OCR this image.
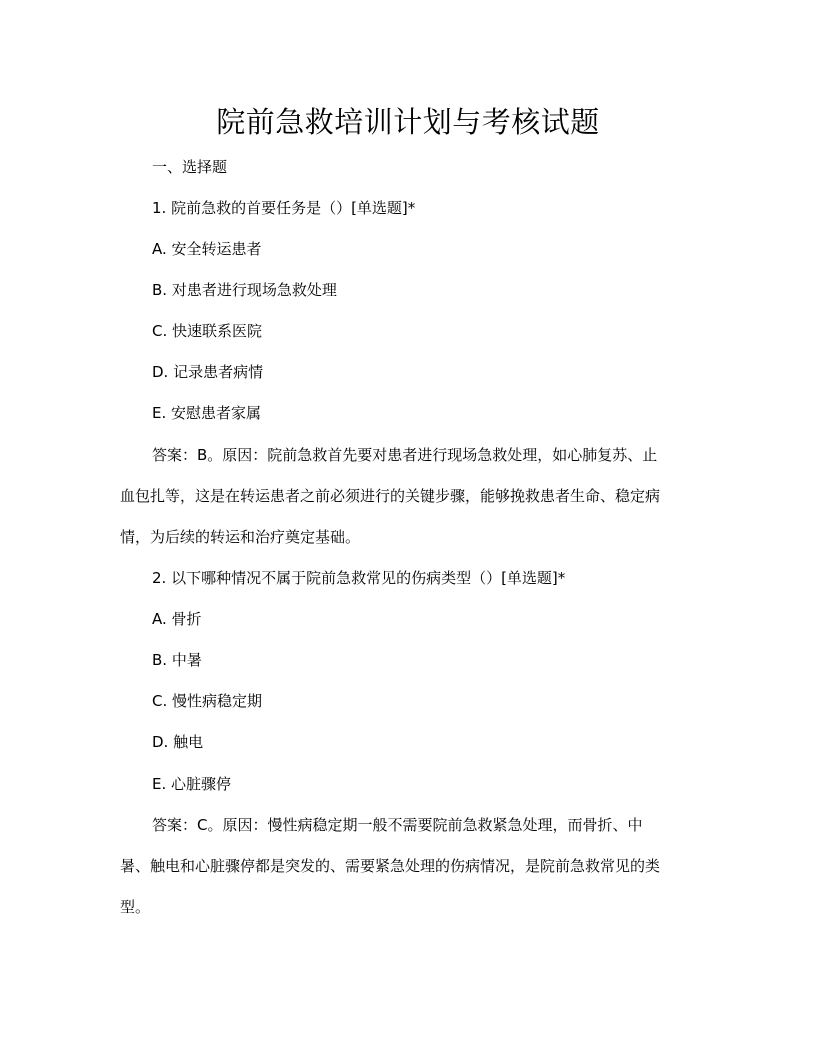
院前急救培训计划与考核试题
一、选择题
1. 院前急救的首要任务是（）[单选题]*
A. 安全转运患者
B. 对患者进行现场急救处理
C. 快速联系医院
D. 记录患者病情
E. 安慰患者家属
答案：B。原因：院前急救首先要对患者进行现场急救处理，如心肺复苏、止
血包扎等，这是在转运患者之前必须进行的关键步骤，能够挽救患者生命、稳定病
情，为后续的转运和治疗奠定基础。
2. 以下哪种情况不属于院前急救常见的伤病类型（）[单选题]*
A. 骨折
B. 中暑
C. 慢性病稳定期
D. 触电
E. 心脏骤停
答案：C。原因：慢性病稳定期一般不需要院前急救紧急处理，而骨折、中
暑、触电和心脏骤停都是突发的、需要紧急处理的伤病情况，是院前急救常见的类
型。
